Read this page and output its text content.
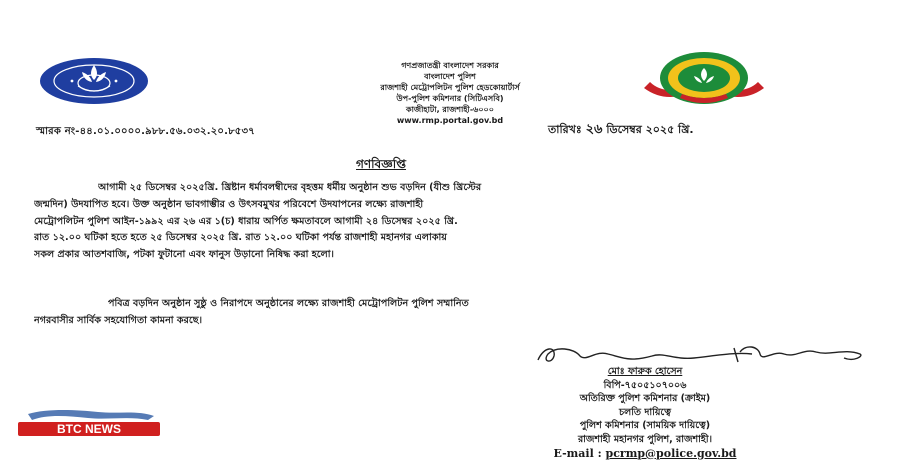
গণপ্রজাতন্ত্রী বাংলাদেশ সরকার
বাংলাদেশ পুলিশ
রাজশাহী মেট্রোপলিটন পুলিশ হেডকোয়ার্টার্স
উপ-পুলিশ কমিশনার (সিটিএসবি)
কাজীহাটা, রাজশাহী-৬০০০
www.rmp.portal.gov.bd
স্মারক নং-৪৪.০১.০০০০.৯৮৮.৫৬.০৩২.২০.৮৫৩৭	তারিখঃ ২৬ ডিসেম্বর ২০২৫ খ্রি.
গণবিজ্ঞপ্তি
আগামী ২৫ ডিসেম্বর ২০২৫খ্রি. খ্রিষ্টান ধর্মাবলম্বীদের বৃহত্তম ধর্মীয় অনুষ্ঠান শুভ বড়দিন (যীশু খ্রিস্টের
জন্মদিন) উদযাপিত হবে। উক্ত অনুষ্ঠান ভাবগাম্ভীর ও উৎসবমুখর পরিবেশে উদযাপনের লক্ষ্যে রাজশাহী
মেট্রোপলিটন পুলিশ আইন-১৯৯২ এর ২৬ এর ১(চ) ধারায় অর্পিত ক্ষমতাবলে আগামী ২৪ ডিসেম্বর ২০২৫ খ্রি.
রাত ১২.০০ ঘটিকা হতে হতে ২৫ ডিসেম্বর ২০২৫ খ্রি. রাত ১২.০০ ঘটিকা পর্যন্ত রাজশাহী মহানগর এলাকায়
সকল প্রকার আতশবাজি, পটকা ফুটানো এবং ফানুস উড়ানো নিষিদ্ধ করা হলো।
পবিত্র বড়দিন অনুষ্ঠান সুষ্ঠু ও নিরাপদে অনুষ্ঠানের লক্ষ্যে রাজশাহী মেট্রোপলিটন পুলিশ সম্মানিত
নগরবাসীর সার্বিক সহযোগিতা কামনা করছে।
মোঃ ফারুক হোসেন
বিপি-৭৫০৫১০৭০০৬
অতিরিক্ত পুলিশ কমিশনার (ক্রাইম)
চলতি দায়িত্বে
পুলিশ কমিশনার (সাময়িক দায়িত্বে)
রাজশাহী মহানগর পুলিশ, রাজশাহী।
E-mail : pcrmp@police.gov.bd
BTC NEWS
